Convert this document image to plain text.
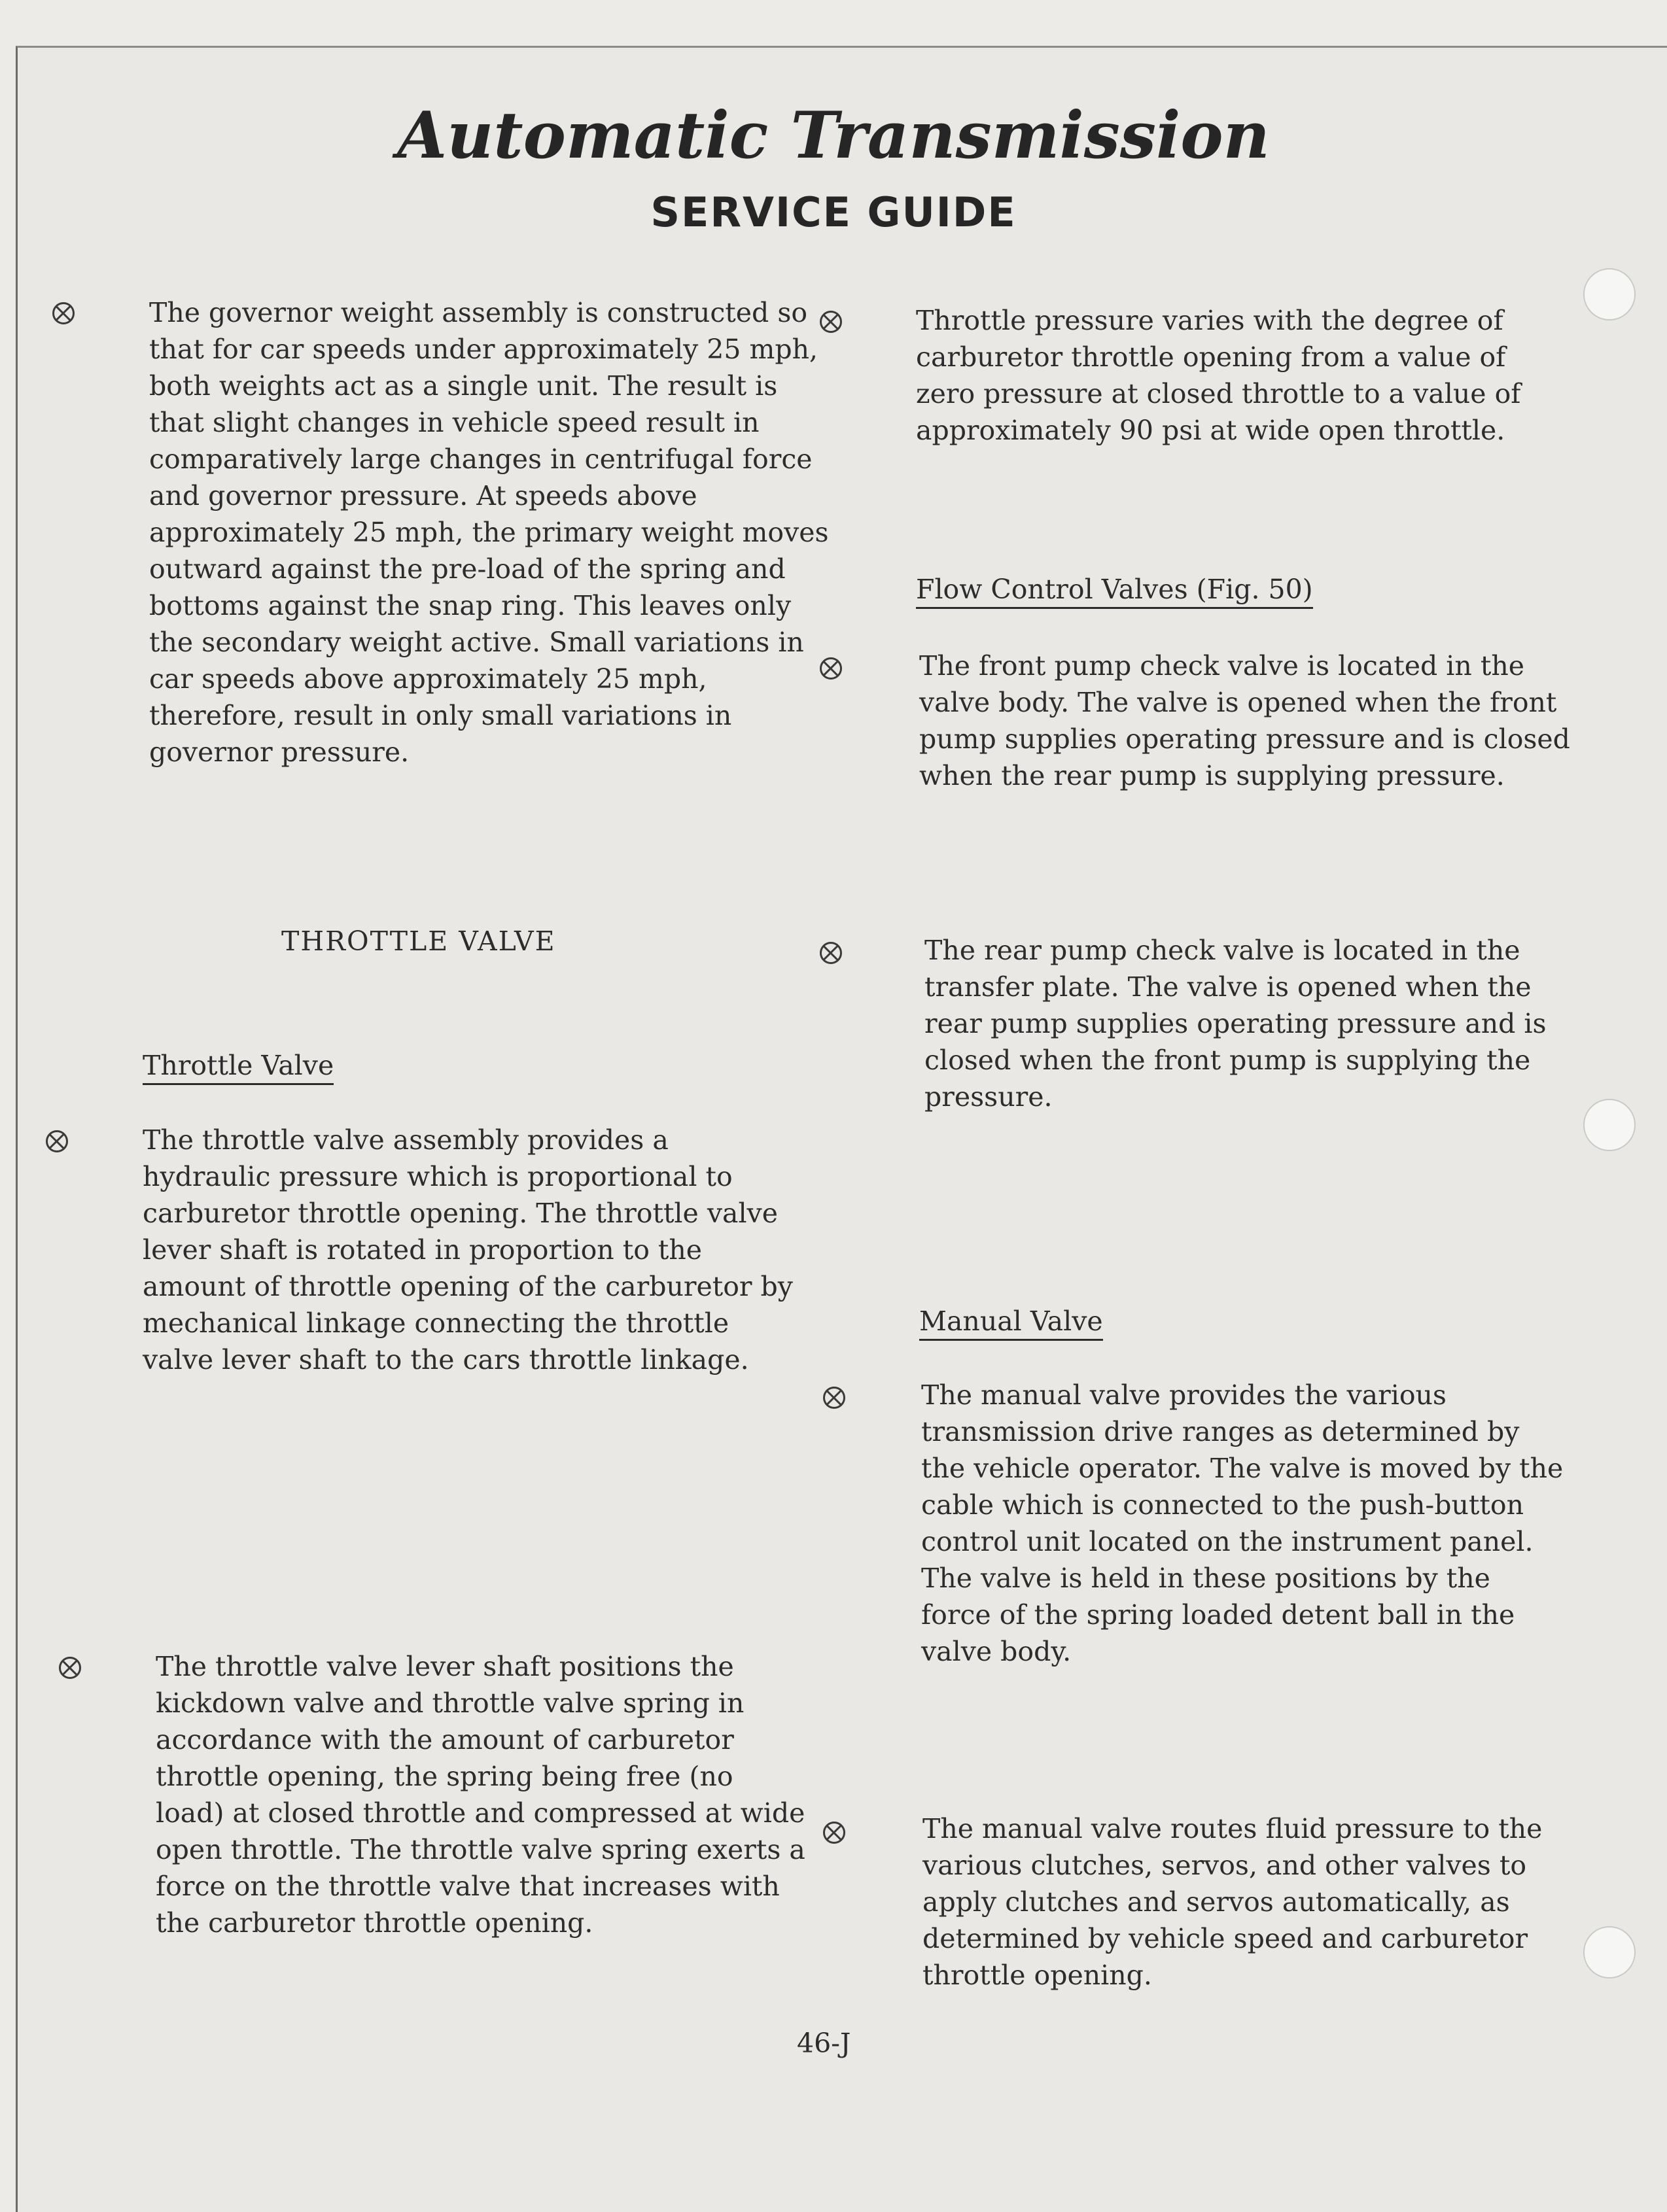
Automatic Transmission
SERVICE GUIDE

The governor weight assembly is constructed so that for car speeds under approximately 25 mph, both weights act as a single unit. The result is that slight changes in vehicle speed result in comparatively large changes in centrifugal force and governor pressure. At speeds above approximately 25 mph, the primary weight moves outward against the pre-load of the spring and bottoms against the snap ring. This leaves only the secondary weight active. Small variations in car speeds above approximately 25 mph, therefore, result in only small variations in governor pressure.

THROTTLE VALVE

Throttle Valve

The throttle valve assembly provides a hydraulic pressure which is proportional to carburetor throttle opening. The throttle valve lever shaft is rotated in proportion to the amount of throttle opening of the carburetor by mechanical linkage connecting the throttle valve lever shaft to the cars throttle linkage.

The throttle valve lever shaft positions the kickdown valve and throttle valve spring in accordance with the amount of carburetor throttle opening, the spring being free (no load) at closed throttle and compressed at wide open throttle. The throttle valve spring exerts a force on the throttle valve that increases with the carburetor throttle opening.

Throttle pressure varies with the degree of carburetor throttle opening from a value of zero pressure at closed throttle to a value of approximately 90 psi at wide open throttle.

Flow Control Valves (Fig. 50)

The front pump check valve is located in the valve body. The valve is opened when the front pump supplies operating pressure and is closed when the rear pump is supplying pressure.

The rear pump check valve is located in the transfer plate. The valve is opened when the rear pump supplies operating pressure and is closed when the front pump is supplying the pressure.

Manual Valve

The manual valve provides the various transmission drive ranges as determined by the vehicle operator. The valve is moved by the cable which is connected to the push-button control unit located on the instrument panel. The valve is held in these positions by the force of the spring loaded detent ball in the valve body.

The manual valve routes fluid pressure to the various clutches, servos, and other valves to apply clutches and servos automatically, as determined by vehicle speed and carburetor throttle opening.

46-J
